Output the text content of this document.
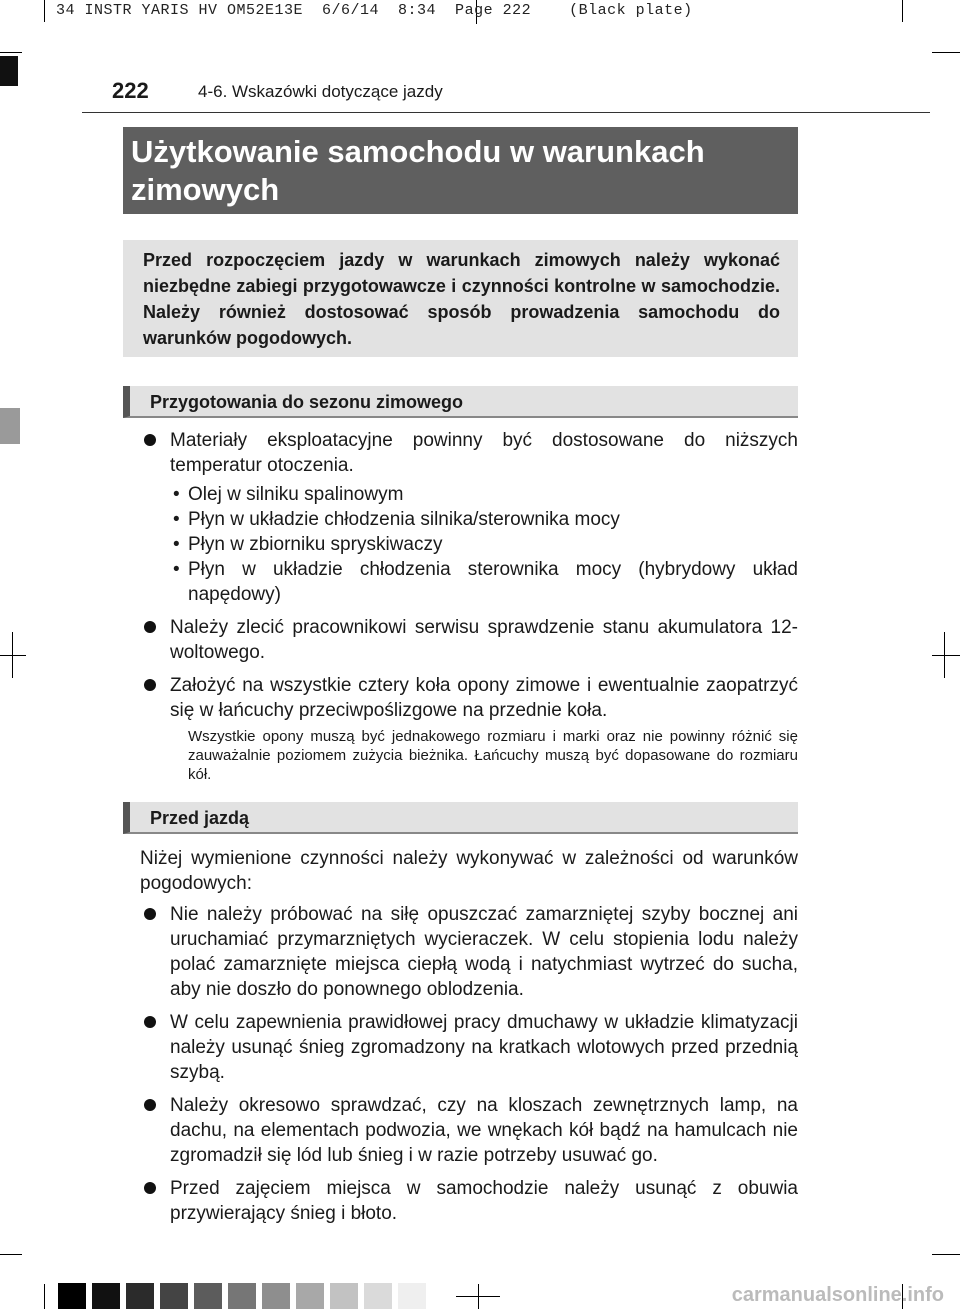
34 INSTR YARIS HV OM52E13E  6/6/14  8:34  Page 222    (Black plate)
222	4-6. Wskazówki dotyczące jazdy
Użytkowanie samochodu w warunkach
zimowych
Przed rozpoczęciem jazdy w warunkach zimowych należy wykonać niezbędne zabiegi przygotowawcze i czynności kontrolne w samochodzie. Należy również dostosować sposób prowadzenia samochodu do warunków pogodowych.
Przygotowania do sezonu zimowego
Materiały eksploatacyjne powinny być dostosowane do niższych temperatur otoczenia.
• Olej w silniku spalinowym
• Płyn w układzie chłodzenia silnika/sterownika mocy
• Płyn w zbiorniku spryskiwaczy
• Płyn w układzie chłodzenia sterownika mocy (hybrydowy układ napędowy)
Należy zlecić pracownikowi serwisu sprawdzenie stanu akumulatora 12-woltowego.
Założyć na wszystkie cztery koła opony zimowe i ewentualnie zaopatrzyć się w łańcuchy przeciwpoślizgowe na przednie koła.
Wszystkie opony muszą być jednakowego rozmiaru i marki oraz nie powinny różnić się zauważalnie poziomem zużycia bieżnika. Łańcuchy muszą być dopasowane do rozmiaru kół.
Przed jazdą
Niżej wymienione czynności należy wykonywać w zależności od warunków pogodowych:
Nie należy próbować na siłę opuszczać zamarzniętej szyby bocznej ani uruchamiać przymarzniętych wycieraczek. W celu stopienia lodu należy polać zamarznięte miejsca ciepłą wodą i natychmiast wytrzeć do sucha, aby nie doszło do ponownego oblodzenia.
W celu zapewnienia prawidłowej pracy dmuchawy w układzie klimatyzacji należy usunąć śnieg zgromadzony na kratkach wlotowych przed przednią szybą.
Należy okresowo sprawdzać, czy na kloszach zewnętrznych lamp, na dachu, na elementach podwozia, we wnękach kół bądź na hamulcach nie zgromadził się lód lub śnieg i w razie potrzeby usuwać go.
Przed zajęciem miejsca w samochodzie należy usunąć z obuwia przywierający śnieg i błoto.
carmanualsonline.info
